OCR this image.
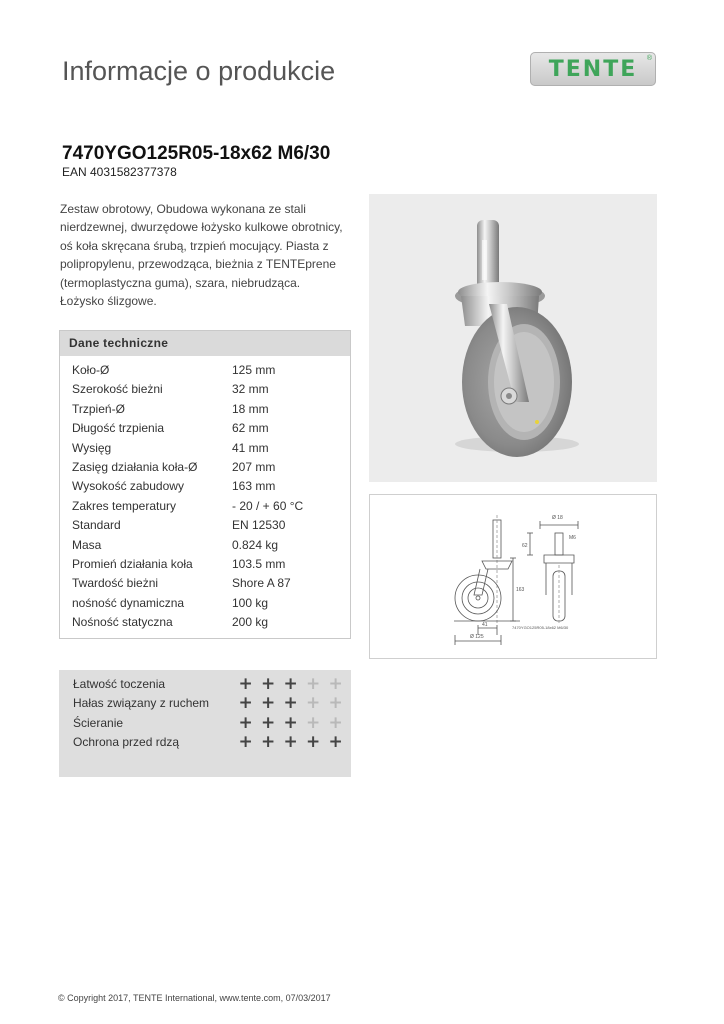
Informacje o produkcie	TENTE ®
7470YGO125R05-18x62 M6/30
EAN 4031582377378
Zestaw obrotowy, Obudowa wykonana ze stali
nierdzewnej, dwurzędowe łożysko kulkowe obrotnicy,
oś koła skręcana śrubą, trzpień mocujący. Piasta z
polipropylenu, przewodząca, bieżnia z TENTEprene
(termoplastyczna guma), szara, niebrudząca.
Łożysko ślizgowe.
Ø 18
62
M6
163
41
Ø 125
7470YGO125R05-18x62 M6/30
Dane techniczne
Koło-Ø	125 mm
Szerokość bieżni	32 mm
Trzpień-Ø	18 mm
Długość trzpienia	62 mm
Wysięg	41 mm
Zasięg działania koła-Ø	207 mm
Wysokość zabudowy	163 mm
Zakres temperatury	- 20 / + 60 °C
Standard	EN 12530
Masa	0.824 kg
Promień działania koła	103.5 mm
Twardość bieżni	Shore A 87
nośność dynamiczna	100 kg
Nośność statyczna	200 kg
Łatwość toczenia	+ + + + +
Hałas związany z ruchem	+ + + + +
Ścieranie	+ + + + +
Ochrona przed rdzą	+ + + + +
© Copyright 2017, TENTE International, www.tente.com, 07/03/2017
